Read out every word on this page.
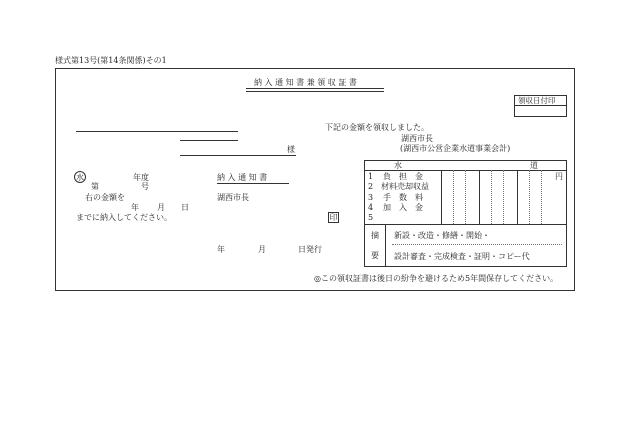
様式第13号(第14条関係)その1
納 入 通 知 書 兼 領 収 証 書
領収日付印
様
下記の金額を領収しました。
湖西市長
(湖西市公営企業水道事業会計)
水	年度
第	号
右の金額を
年 月 日
までに納入してください。
納 入 通 知 書
湖西市長
印
年	月	日発行
水	道
円
1 負　担　金
2 材料売却収益
3 手　数　料
4 加　入　金
5
摘
要
新設・改造・修繕・開始・
設計審査・完成検査・証明・コピー代
◎この領収証書は後日の紛争を避けるため5年間保存してください。
